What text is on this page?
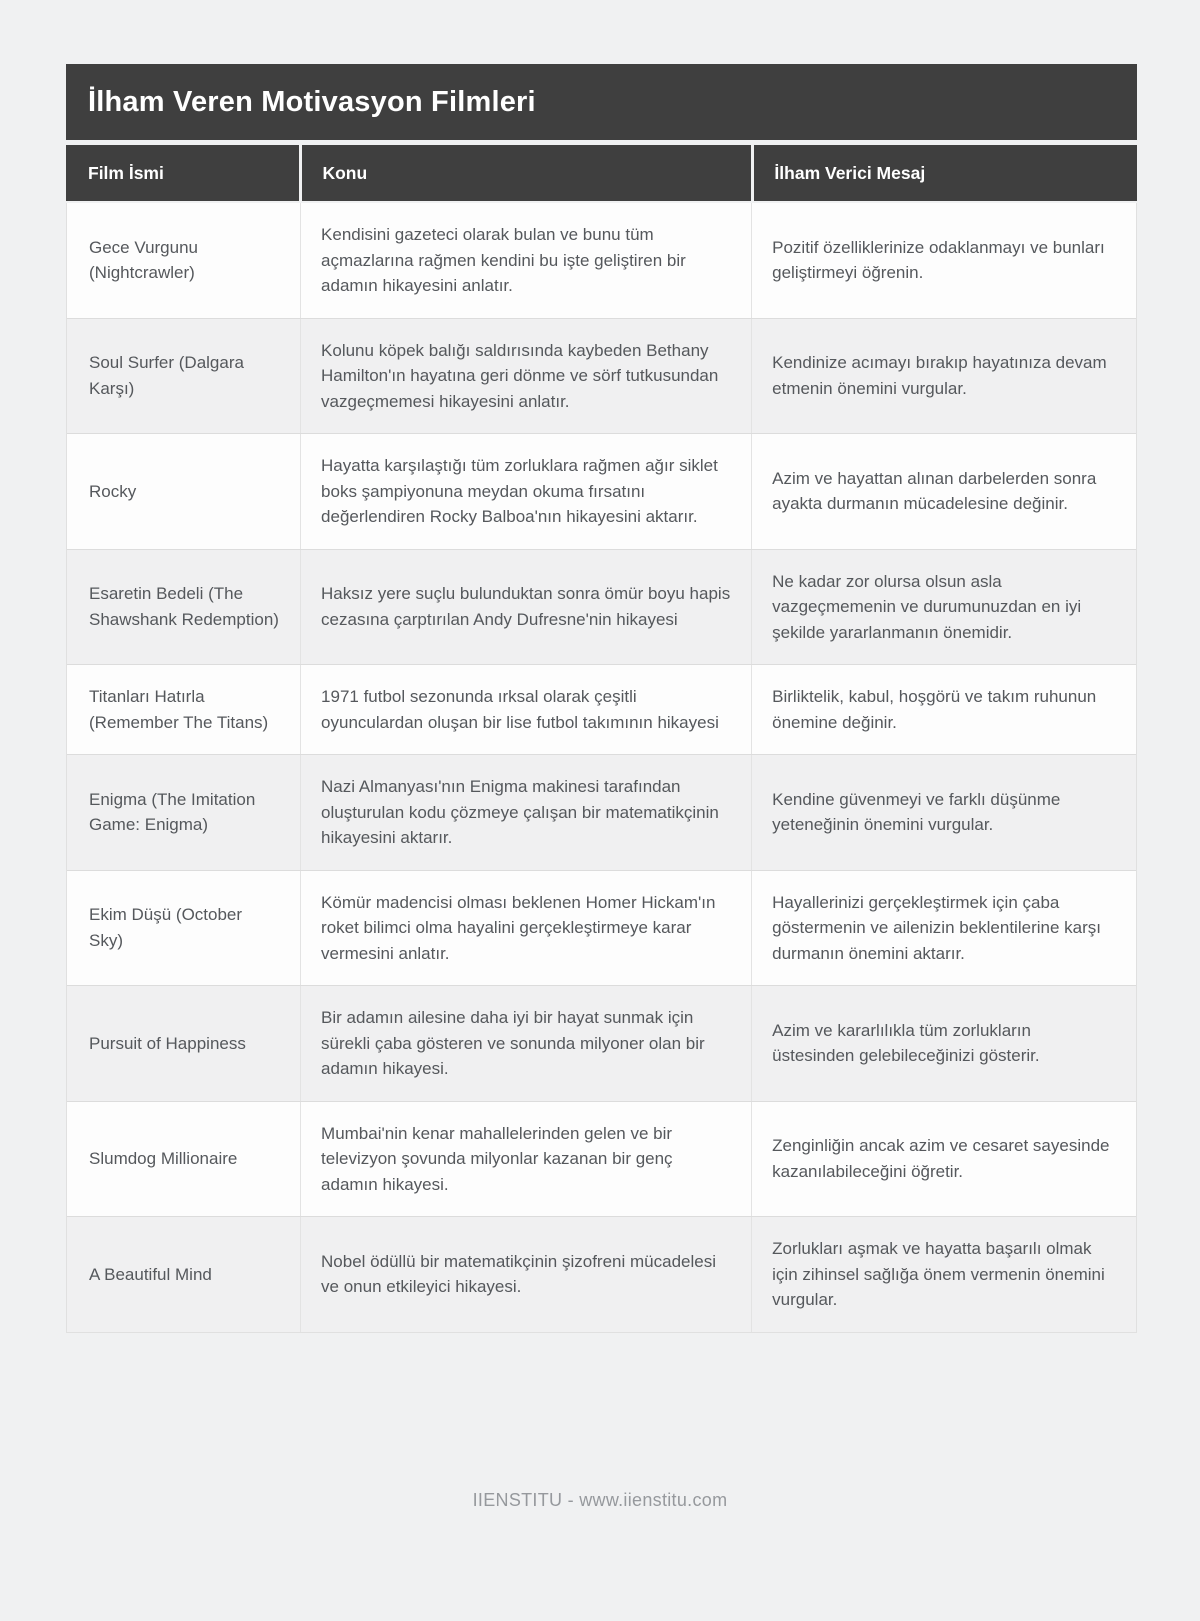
İlham Veren Motivasyon Filmleri
Film İsmi	Konu	İlham Verici Mesaj
Gece Vurgunu (Nightcrawler)
Kendisini gazeteci olarak bulan ve bunu tüm açmazlarına rağmen kendini bu işte geliştiren bir adamın hikayesini anlatır.
Pozitif özelliklerinize odaklanmayı ve bunları geliştirmeyi öğrenin.
Soul Surfer (Dalgara Karşı)
Kolunu köpek balığı saldırısında kaybeden Bethany Hamilton'ın hayatına geri dönme ve sörf tutkusundan vazgeçmemesi hikayesini anlatır.
Kendinize acımayı bırakıp hayatınıza devam etmenin önemini vurgular.
Rocky
Hayatta karşılaştığı tüm zorluklara rağmen ağır siklet boks şampiyonuna meydan okuma fırsatını değerlendiren Rocky Balboa'nın hikayesini aktarır.
Azim ve hayattan alınan darbelerden sonra ayakta durmanın mücadelesine değinir.
Esaretin Bedeli (The Shawshank Redemption)
Haksız yere suçlu bulunduktan sonra ömür boyu hapis cezasına çarptırılan Andy Dufresne'nin hikayesi
Ne kadar zor olursa olsun asla vazgeçmemenin ve durumunuzdan en iyi şekilde yararlanmanın önemidir.
Titanları Hatırla (Remember The Titans)
1971 futbol sezonunda ırksal olarak çeşitli oyunculardan oluşan bir lise futbol takımının hikayesi
Birliktelik, kabul, hoşgörü ve takım ruhunun önemine değinir.
Enigma (The Imitation Game: Enigma)
Nazi Almanyası'nın Enigma makinesi tarafından oluşturulan kodu çözmeye çalışan bir matematikçinin hikayesini aktarır.
Kendine güvenmeyi ve farklı düşünme yeteneğinin önemini vurgular.
Ekim Düşü (October Sky)
Kömür madencisi olması beklenen Homer Hickam'ın roket bilimci olma hayalini gerçekleştirmeye karar vermesini anlatır.
Hayallerinizi gerçekleştirmek için çaba göstermenin ve ailenizin beklentilerine karşı durmanın önemini aktarır.
Pursuit of Happiness
Bir adamın ailesine daha iyi bir hayat sunmak için sürekli çaba gösteren ve sonunda milyoner olan bir adamın hikayesi.
Azim ve kararlılıkla tüm zorlukların üstesinden gelebileceğinizi gösterir.
Slumdog Millionaire
Mumbai'nin kenar mahallelerinden gelen ve bir televizyon şovunda milyonlar kazanan bir genç adamın hikayesi.
Zenginliğin ancak azim ve cesaret sayesinde kazanılabileceğini öğretir.
A Beautiful Mind
Nobel ödüllü bir matematikçinin şizofreni mücadelesi ve onun etkileyici hikayesi.
Zorlukları aşmak ve hayatta başarılı olmak için zihinsel sağlığa önem vermenin önemini vurgular.
IIENSTITU - www.iienstitu.com
